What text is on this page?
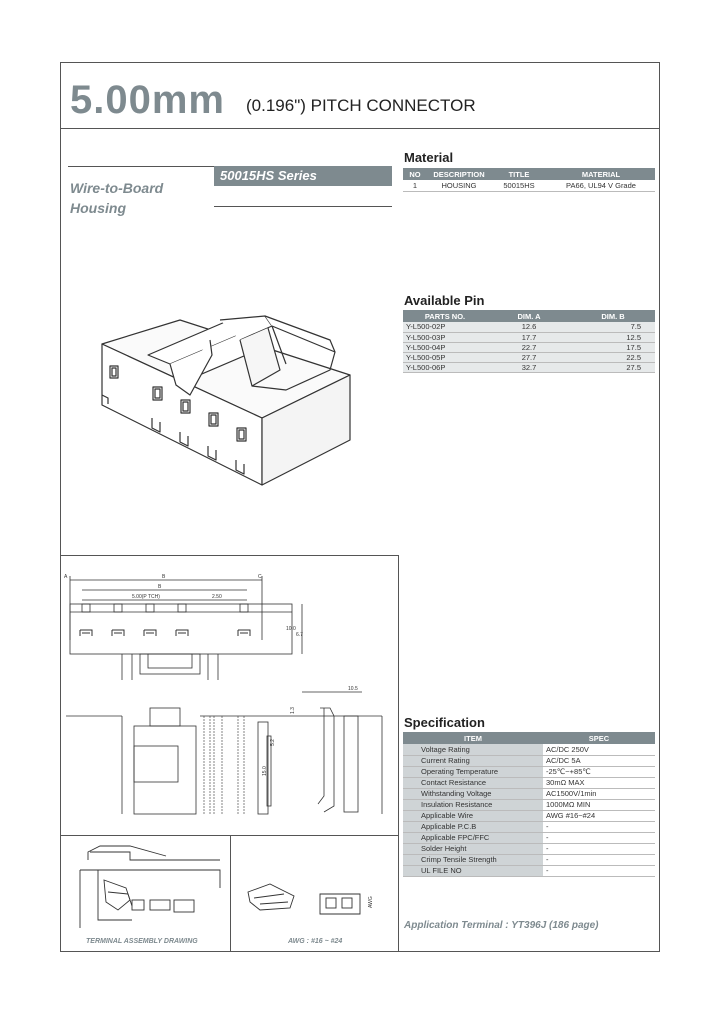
5.00mm (0.196") PITCH CONNECTOR
Wire-to-Board
Housing
50015HS Series
Material
NO	DESCRIPTION	TITLE	MATERIAL
1	HOUSING	50015HS	PA66, UL94 V Grade
Available Pin
PARTS NO.	DIM. A	DIM. B
Y-L500-02P	12.6	7.5
Y-L500-03P	17.7	12.5
Y-L500-04P	22.7	17.5
Y-L500-05P	27.7	22.5
Y-L500-06P	32.7	27.5
Specification
ITEM	SPEC
Voltage Rating	AC/DC 250V
Current Rating	AC/DC 5A
Operating Temperature	-25℃~+85℃
Contact Resistance	30mΩ MAX
Withstanding Voltage	AC1500V/1min
Insulation Resistance	1000MΩ MIN
Applicable Wire	AWG #16~#24
Applicable P.C.B	-
Applicable FPC/FFC	-
Solder Height	-
Crimp Tensile Strength	-
UL FILE NO	-
Application Terminal : YT396J (186 page)
A	B
B
5.00(P TCH)	2.50
C
10.0
6.7
10.5
5.2
15.0
1.3
AWG
TERMINAL ASSEMBLY DRAWING	AWG : #16 ~ #24
